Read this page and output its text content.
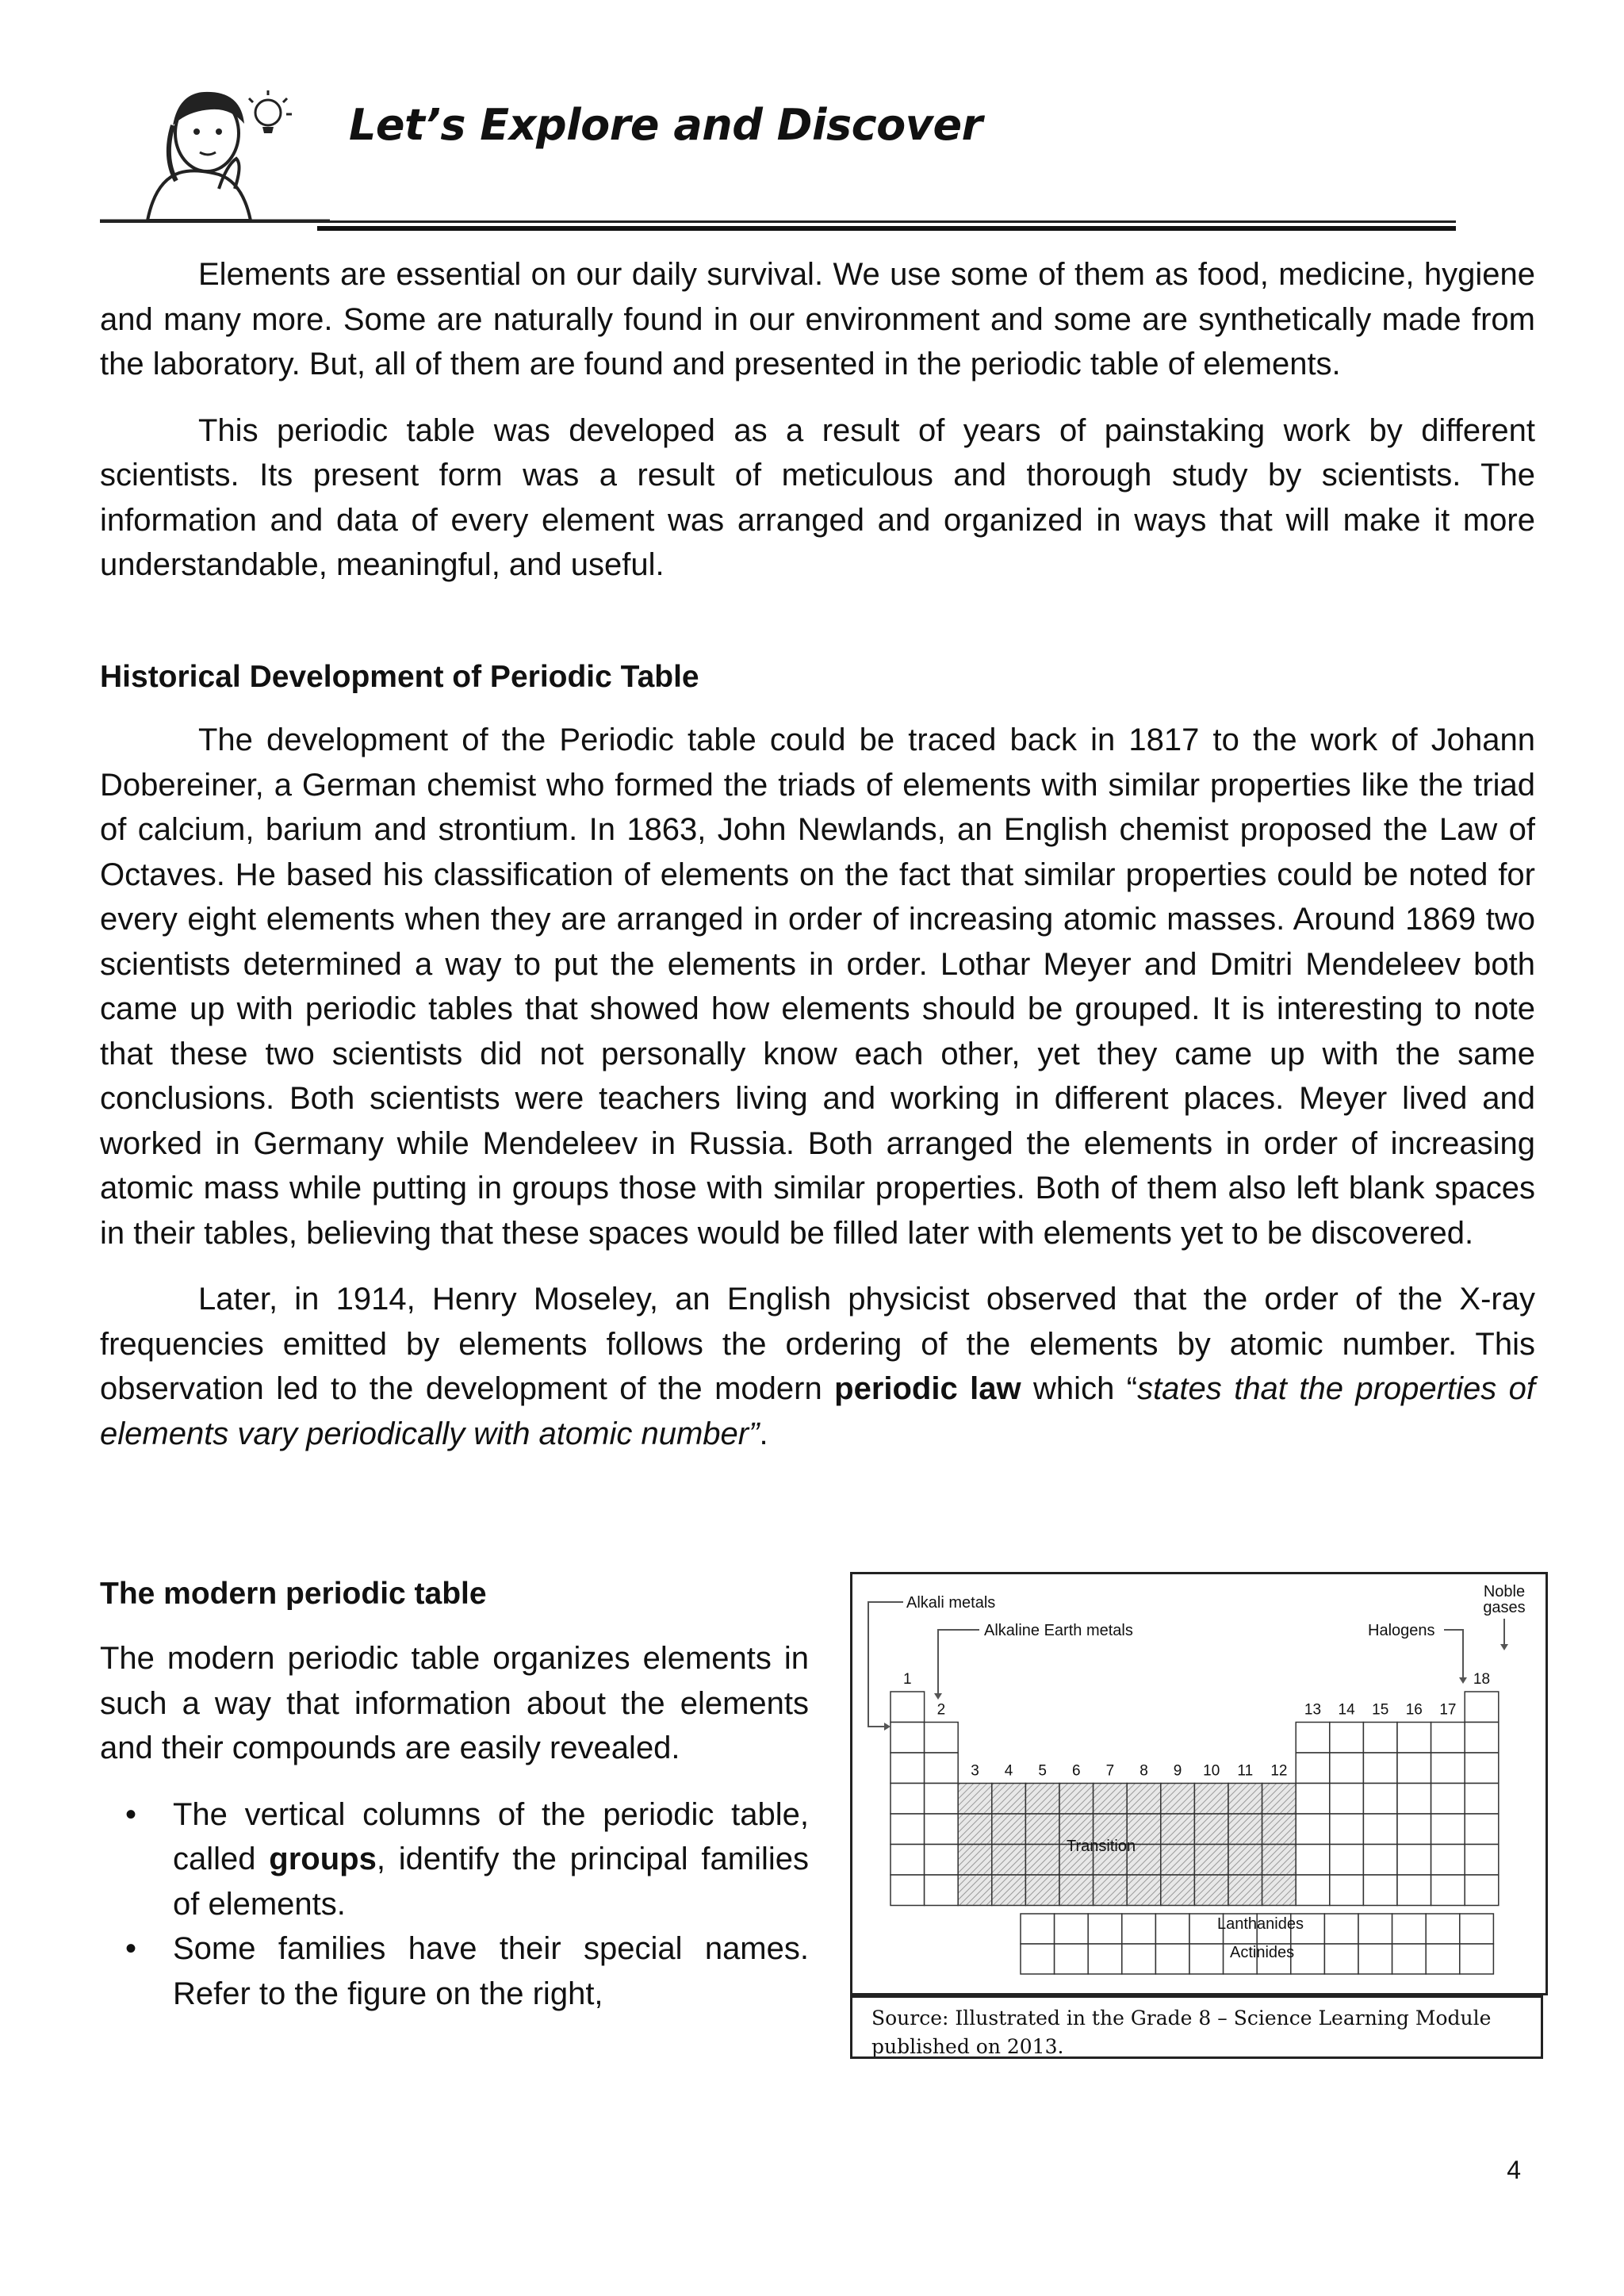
Let’s Explore and Discover

Elements are essential on our daily survival. We use some of them as food, medicine, hygiene and many more. Some are naturally found in our environment and some are synthetically made from the laboratory. But, all of them are found and presented in the periodic table of elements.

This periodic table was developed as a result of years of painstaking work by different scientists. Its present form was a result of meticulous and thorough study by scientists. The information and data of every element was arranged and organized in ways that will make it more understandable, meaningful, and useful.

Historical Development of Periodic Table

The development of the Periodic table could be traced back in 1817 to the work of Johann Dobereiner, a German chemist who formed the triads of elements with similar properties like the triad of calcium, barium and strontium. In 1863, John Newlands, an English chemist proposed the Law of Octaves. He based his classification of elements on the fact that similar properties could be noted for every eight elements when they are arranged in order of increasing atomic masses. Around 1869 two scientists determined a way to put the elements in order. Lothar Meyer and Dmitri Mendeleev both came up with periodic tables that showed how elements should be grouped. It is interesting to note that these two scientists did not personally know each other, yet they came up with the same conclusions. Both scientists were teachers living and working in different places. Meyer lived and worked in Germany while Mendeleev in Russia. Both arranged the elements in order of increasing atomic mass while putting in groups those with similar properties. Both of them also left blank spaces in their tables, believing that these spaces would be filled later with elements yet to be discovered.

Later, in 1914, Henry Moseley, an English physicist observed that the order of the X-ray frequencies emitted by elements follows the ordering of the elements by atomic number. This observation led to the development of the modern periodic law which “states that the properties of elements vary periodically with atomic number”.

The modern periodic table

The modern periodic table organizes elements in such a way that information about the elements and their compounds are easily revealed.

• The vertical columns of the periodic table, called groups, identify the principal families of elements.
• Some families have their special names. Refer to the figure on the right,
1
2
3 4 5 6 7 8 9 10 11 12
13 14 15 16 17
18
Alkali metals
Alkaline Earth metals	Halogens
Noble
gases
Transition
Lanthanides
Actinides
Source: Illustrated in the Grade 8 – Science Learning Module published on 2013.
4
